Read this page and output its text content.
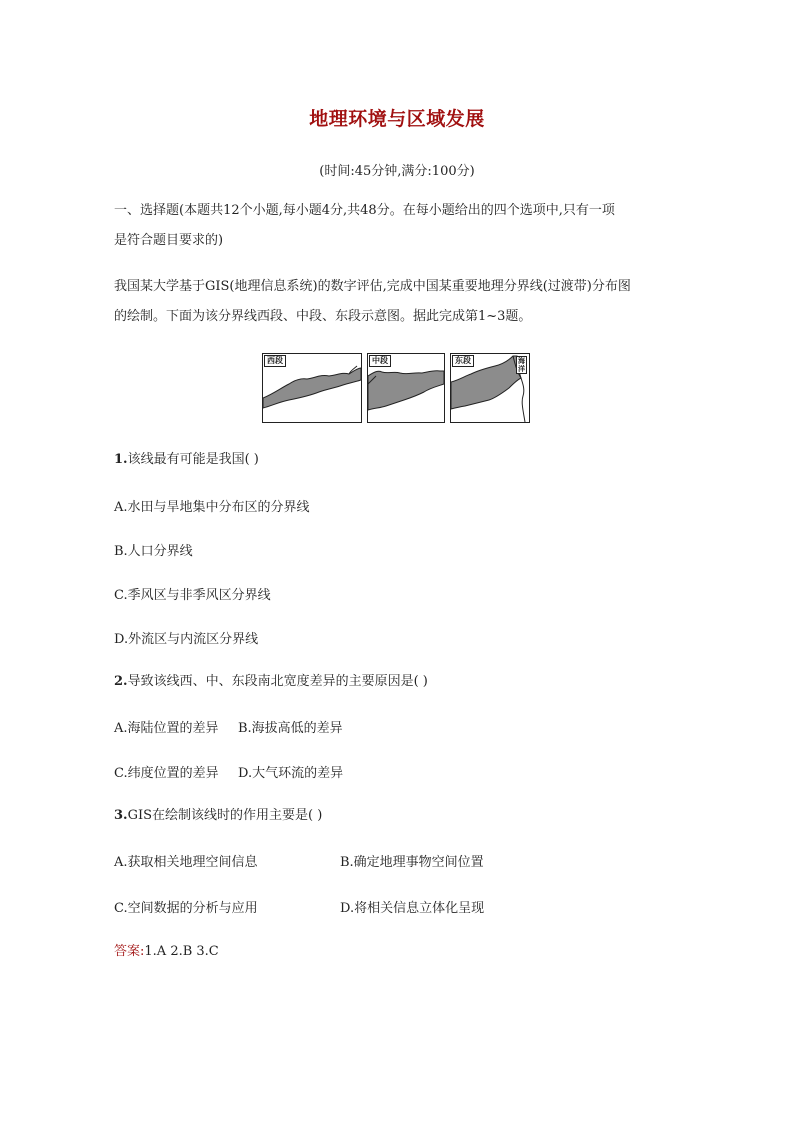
地理环境与区域发展
(时间:45分钟,满分:100分)
一、选择题(本题共12个小题,每小题4分,共48分。在每小题给出的四个选项中,只有一项
是符合题目要求的)
我国某大学基于GIS(地理信息系统)的数字评估,完成中国某重要地理分界线(过渡带)分布图
的绘制。下面为该分界线西段、中段、东段示意图。据此完成第1~3题。
西段	中段	东段	海洋
1.该线最有可能是我国( )
A.水田与旱地集中分布区的分界线
B.人口分界线
C.季风区与非季风区分界线
D.外流区与内流区分界线
2.导致该线西、中、东段南北宽度差异的主要原因是( )
A.海陆位置的差异 B.海拔高低的差异
C.纬度位置的差异 D.大气环流的差异
3.GIS在绘制该线时的作用主要是( )
A.获取相关地理空间信息	B.确定地理事物空间位置
C.空间数据的分析与应用	D.将相关信息立体化呈现
答案:1.A 2.B 3.C
